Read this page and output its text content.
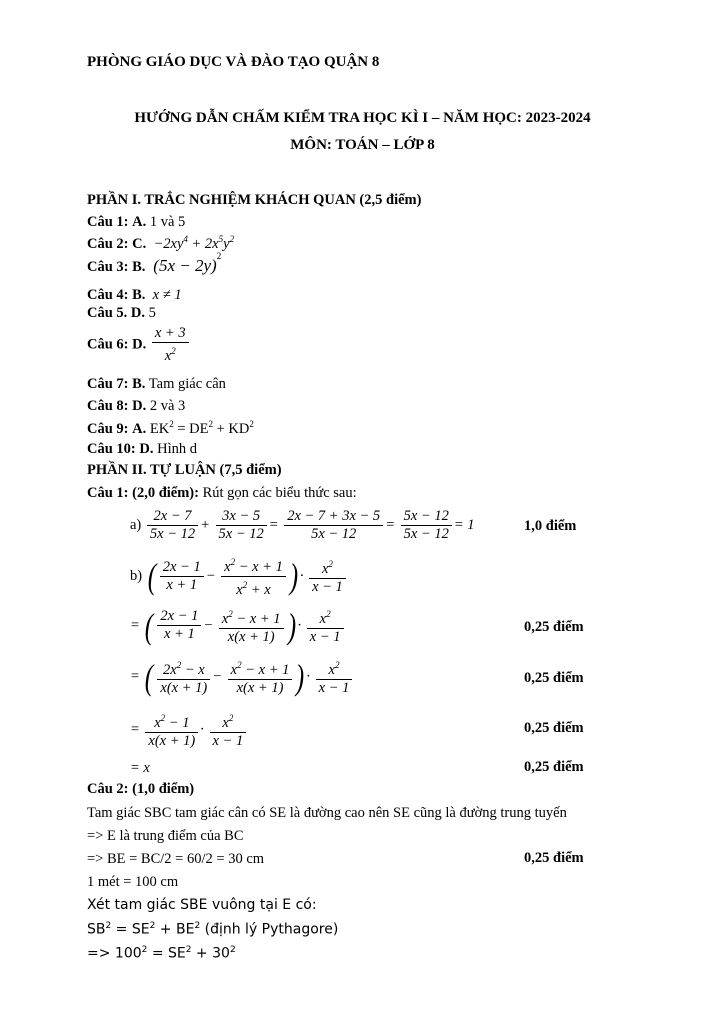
PHÒNG GIÁO DỤC VÀ ĐÀO TẠO QUẬN 8
HƯỚNG DẪN CHẤM KIỂM TRA HỌC KÌ I – NĂM HỌC: 2023-2024
MÔN: TOÁN – LỚP 8
PHẦN I. TRẮC NGHIỆM KHÁCH QUAN (2,5 điểm)
Câu 1: A. 1 và 5
Câu 2: C.  $-2xy^4 + 2x^5y^2$
Câu 3: B.  $(5x - 2y)^2$
Câu 4: B.  x ≠ 1
Câu 5. D. 5
Câu 6: D. $\frac{x + 3}{x^2}$
Câu 7: B. Tam giác cân
Câu 8: D. 2 và 3
Câu 9: A. $EK^2 = DE^2 + KD^2$
Câu 10: D. Hình d
PHẦN II. TỰ LUẬN (7,5 điểm)
Câu 1: (2,0 điểm): Rút gọn các biểu thức sau:
$a) \frac{2x - 7}{5x - 12} + \frac{3x - 5}{5x - 12} = \frac{2x - 7 + 3x - 5}{5x - 12} = \frac{5x - 12}{5x - 12} = 1$	1,0 điểm
b) ( $\frac{2x - 1}{x + 1} - \frac{x^2 - x + 1}{x^2 + x}$ ) · $\frac{x^2}{x - 1}$
= ( $\frac{2x - 1}{x + 1} - \frac{x^2 - x + 1}{x(x + 1)}$ ) · $\frac{x^2}{x - 1}$	0,25 điểm
= ( $\frac{2x^2 - x}{x(x + 1)} - \frac{x^2 - x + 1}{x(x + 1)}$ ) · $\frac{x^2}{x - 1}$	0,25 điểm
= $\frac{x^2 - 1}{x(x + 1)} \cdot \frac{x^2}{x - 1}$	0,25 điểm
= x	0,25 điểm
Câu 2: (1,0 điểm)
Tam giác SBC tam giác cân có SE là đường cao nên SE cũng là đường trung tuyến
=> E là trung điểm của BC
=> BE = BC/2 = 60/2 = 30 cm	0,25 điểm
1 mét = 100 cm
Xét tam giác SBE vuông tại E có:
$SB^2 = SE^2 + BE^2$ (định lý Pythagore)
=> $100^2 = SE^2 + 30^2$
